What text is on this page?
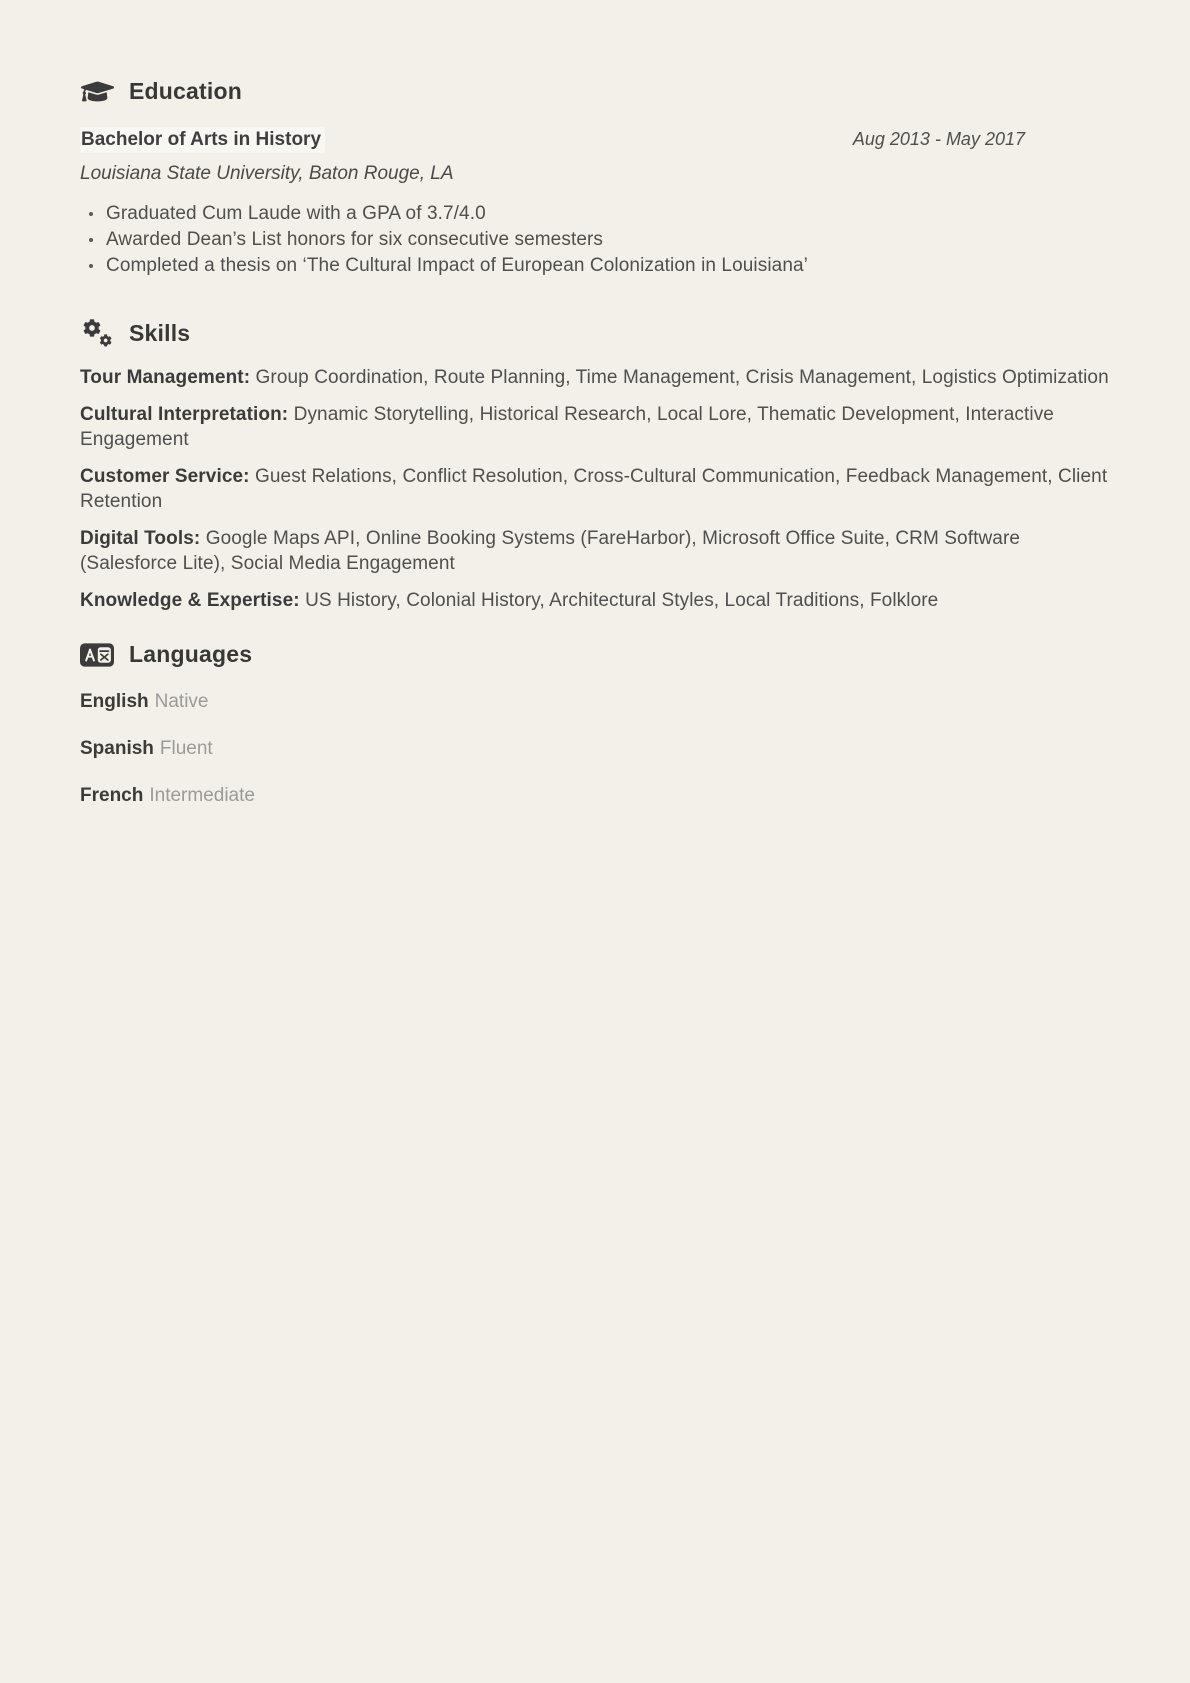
Education
Bachelor of Arts in History	Aug 2013 - May 2017
Louisiana State University, Baton Rouge, LA
Graduated Cum Laude with a GPA of 3.7/4.0
Awarded Dean’s List honors for six consecutive semesters
Completed a thesis on ‘The Cultural Impact of European Colonization in Louisiana’
Skills

Tour Management: Group Coordination, Route Planning, Time Management, Crisis Management, Logistics Optimization

Cultural Interpretation: Dynamic Storytelling, Historical Research, Local Lore, Thematic Development, Interactive Engagement

Customer Service: Guest Relations, Conflict Resolution, Cross-Cultural Communication, Feedback Management, Client Retention

Digital Tools: Google Maps API, Online Booking Systems (FareHarbor), Microsoft Office Suite, CRM Software (Salesforce Lite), Social Media Engagement

Knowledge & Expertise: US History, Colonial History, Architectural Styles, Local Traditions, Folklore

Languages
English Native
Spanish Fluent
French Intermediate
